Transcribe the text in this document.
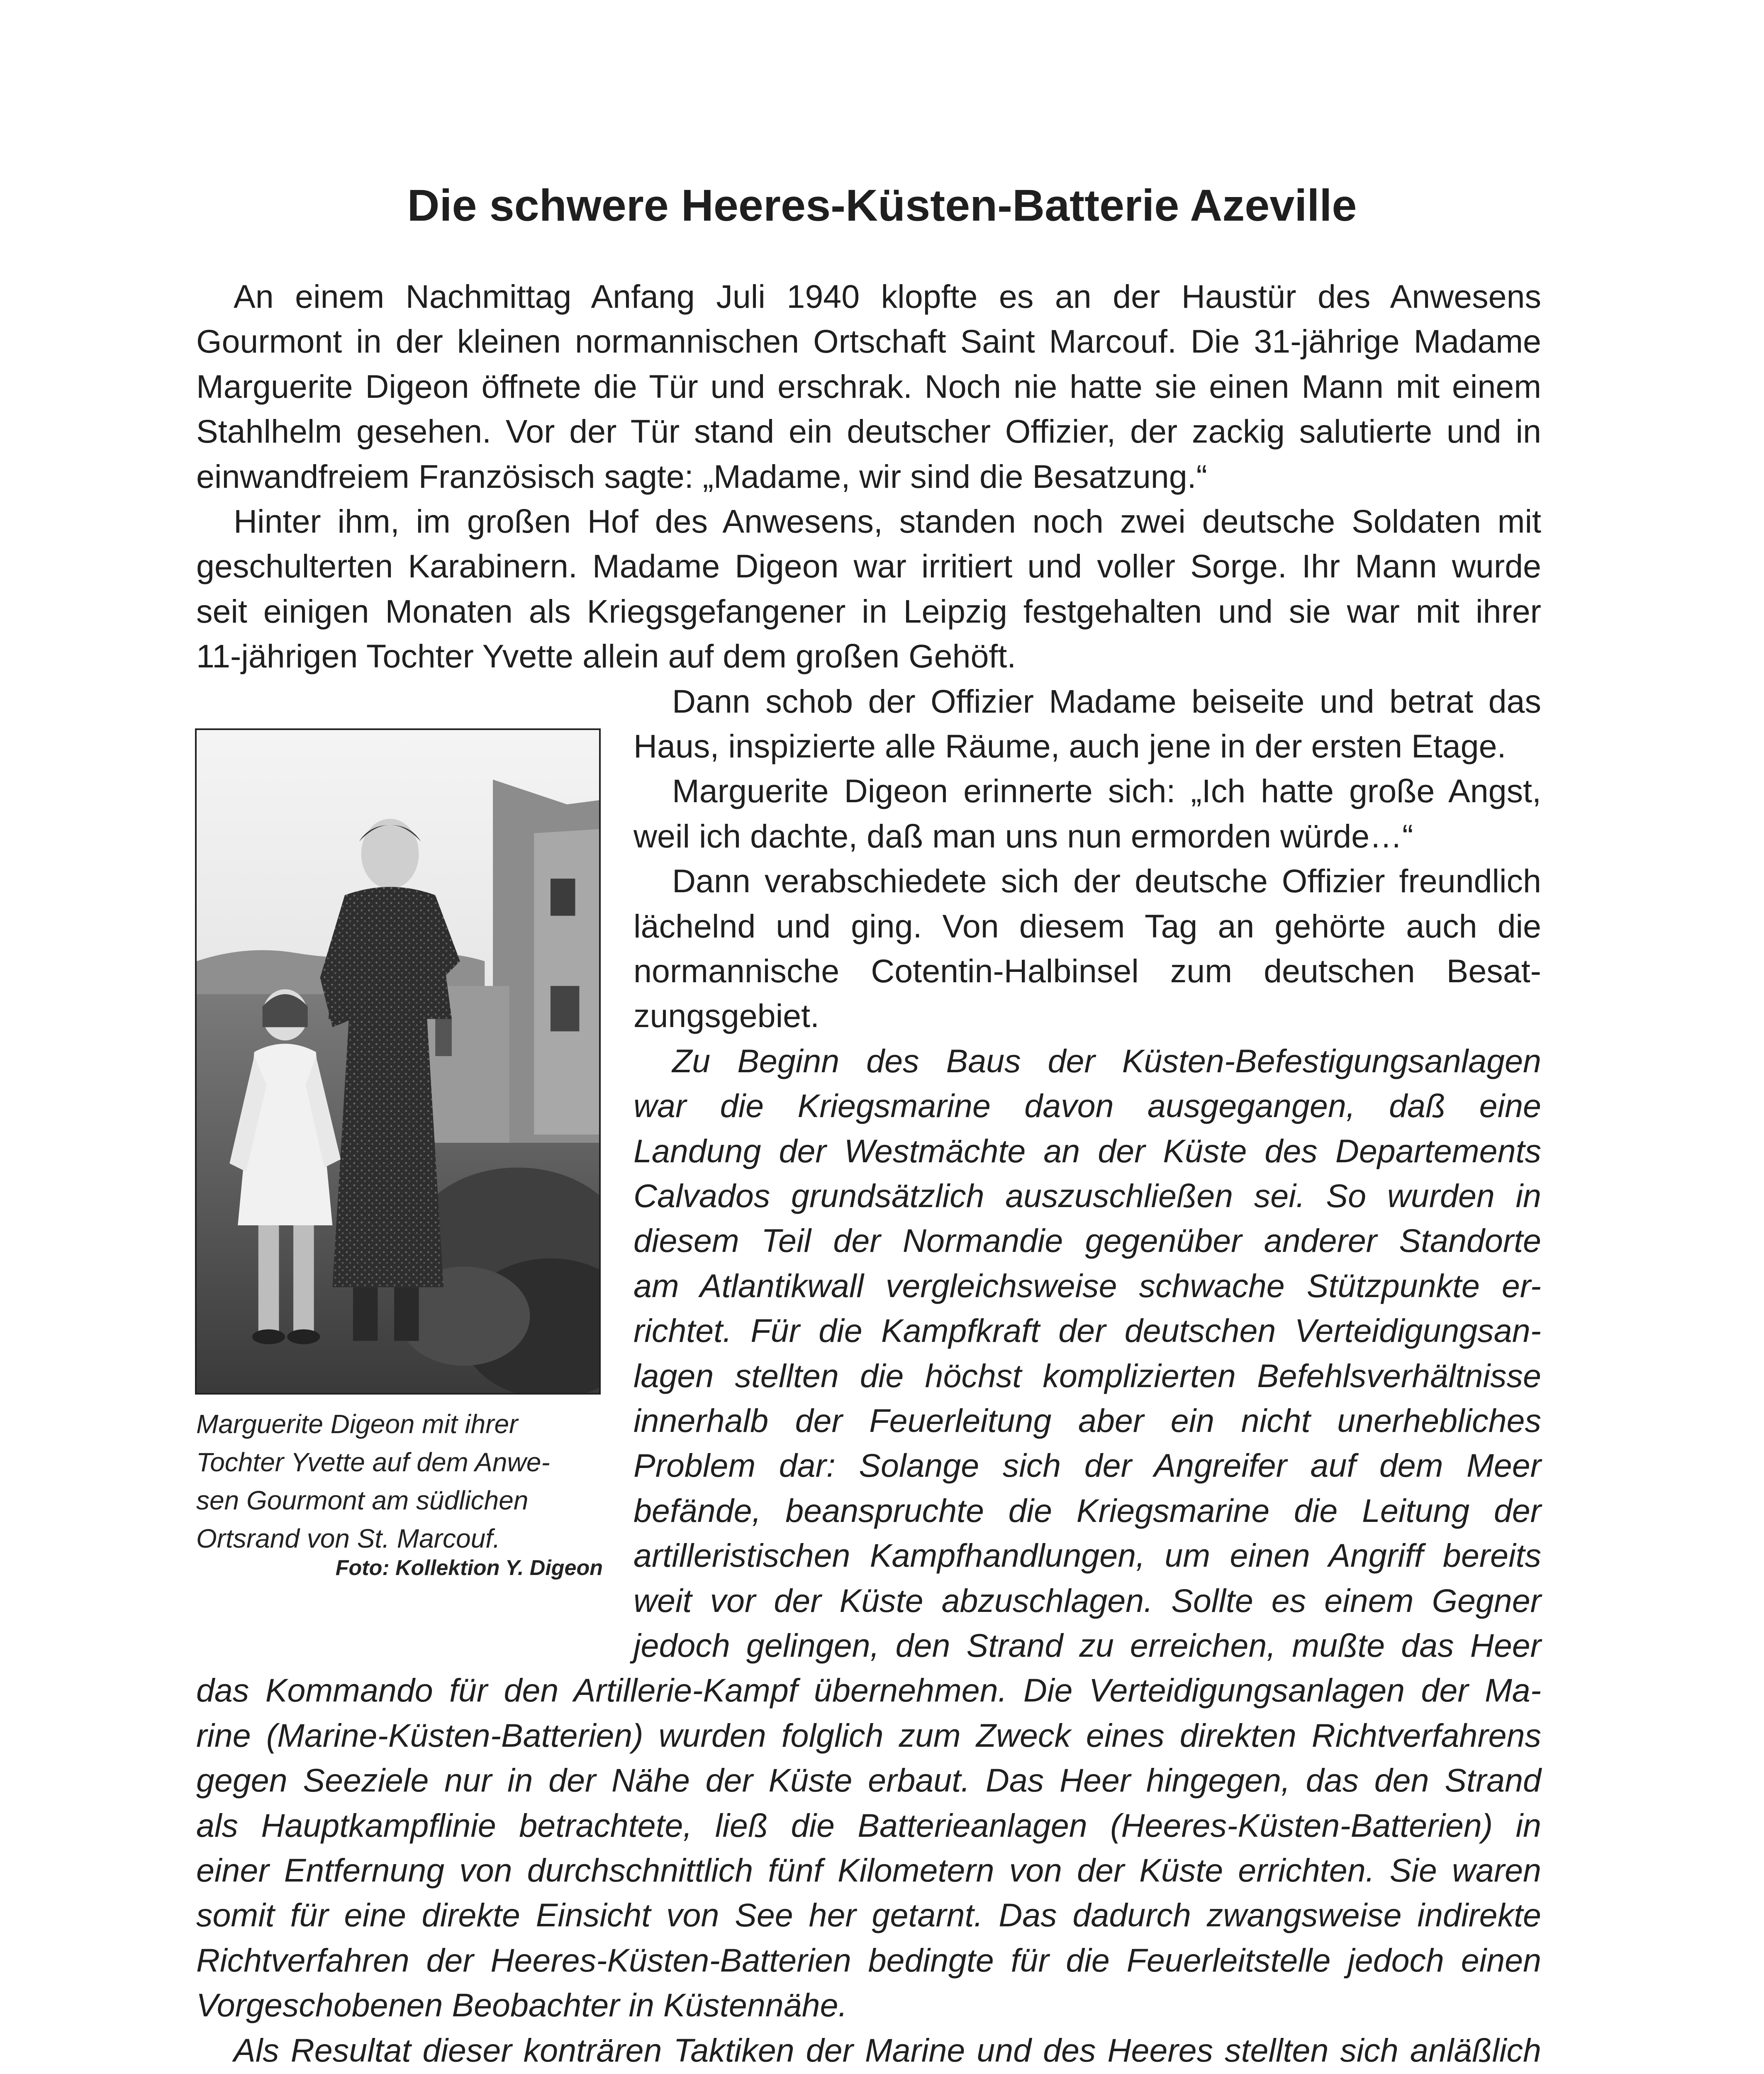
Die schwere Heeres-Küsten-Batterie Azeville
An einem Nachmittag Anfang Juli 1940 klopfte es an der Haustür des Anwesens
Gourmont in der kleinen normannischen Ortschaft Saint Marcouf. Die 31-jährige Madame
Marguerite Digeon öffnete die Tür und erschrak. Noch nie hatte sie einen Mann mit einem
Stahlhelm gesehen. Vor der Tür stand ein deutscher Offizier, der zackig salutierte und in
einwandfreiem Französisch sagte: „Madame, wir sind die Besatzung.“
Hinter ihm, im großen Hof des Anwesens, standen noch zwei deutsche Soldaten mit
geschulterten Karabinern. Madame Digeon war irritiert und voller Sorge. Ihr Mann wurde
seit einigen Monaten als Kriegsgefangener in Leipzig festgehalten und sie war mit ihrer
11-jährigen Tochter Yvette allein auf dem großen Gehöft.
Dann schob der Offizier Madame beiseite und betrat das
Haus, inspizierte alle Räume, auch jene in der ersten Etage.
Marguerite Digeon erinnerte sich: „Ich hatte große Angst,
weil ich dachte, daß man uns nun ermorden würde…“
Dann verabschiedete sich der deutsche Offizier freundlich
lächelnd und ging. Von diesem Tag an gehörte auch die
normannische Cotentin-Halbinsel zum deutschen Besat-
zungsgebiet.
Zu Beginn des Baus der Küsten-Befestigungsanlagen
war die Kriegsmarine davon ausgegangen, daß eine
Landung der Westmächte an der Küste des Departements
Calvados grundsätzlich auszuschließen sei. So wurden in
diesem Teil der Normandie gegenüber anderer Standorte
am Atlantikwall vergleichsweise schwache Stützpunkte er-
richtet. Für die Kampfkraft der deutschen Verteidigungsan-
lagen stellten die höchst komplizierten Befehlsverhältnisse
innerhalb der Feuerleitung aber ein nicht unerhebliches
Problem dar: Solange sich der Angreifer auf dem Meer
befände, beanspruchte die Kriegsmarine die Leitung der
artilleristischen Kampfhandlungen, um einen Angriff bereits
weit vor der Küste abzuschlagen. Sollte es einem Gegner
jedoch gelingen, den Strand zu erreichen, mußte das Heer
das Kommando für den Artillerie-Kampf übernehmen. Die Verteidigungsanlagen der Ma-
rine (Marine-Küsten-Batterien) wurden folglich zum Zweck eines direkten Richtverfahrens
gegen Seeziele nur in der Nähe der Küste erbaut. Das Heer hingegen, das den Strand
als Hauptkampflinie betrachtete, ließ die Batterieanlagen (Heeres-Küsten-Batterien) in
einer Entfernung von durchschnittlich fünf Kilometern von der Küste errichten. Sie waren
somit für eine direkte Einsicht von See her getarnt. Das dadurch zwangsweise indirekte
Richtverfahren der Heeres-Küsten-Batterien bedingte für die Feuerleitstelle jedoch einen
Vorgeschobenen Beobachter in Küstennähe.
Als Resultat dieser konträren Taktiken der Marine und des Heeres stellten sich anläßlich
Marguerite Digeon mit ihrer
Tochter Yvette auf dem Anwe-
sen Gourmont am südlichen
Ortsrand von St. Marcouf.
Foto: Kollektion Y. Digeon
